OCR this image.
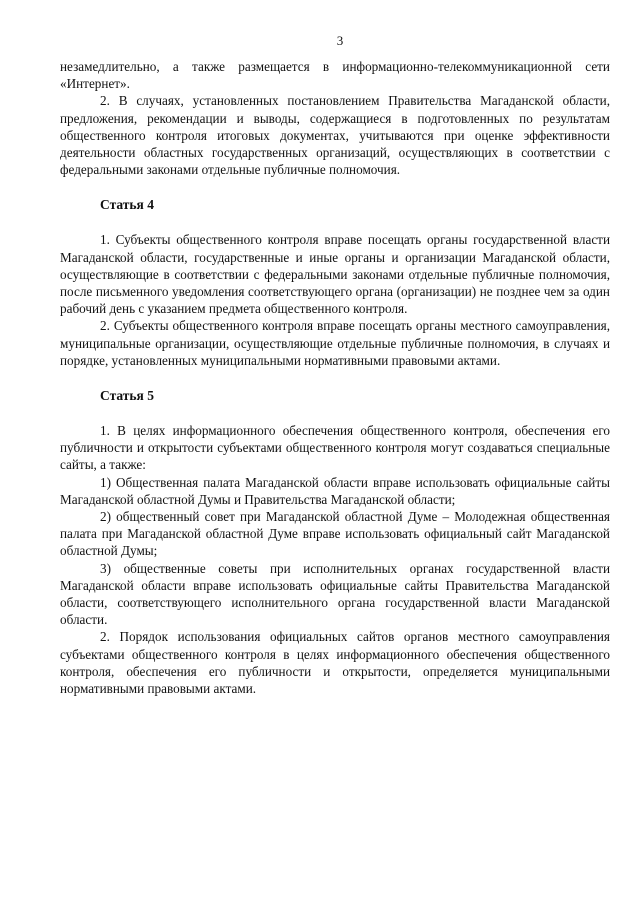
3

незамедлительно, а также размещается в информационно-телекоммуникационной сети «Интернет».

2. В случаях, установленных постановлением Правительства Магаданской области, предложения, рекомендации и выводы, содержащиеся в подготовленных по результатам общественного контроля итоговых документах, учитываются при оценке эффективности деятельности областных государственных организаций, осуществляющих в соответствии с федеральными законами отдельные публичные полномочия.

Статья 4

1. Субъекты общественного контроля вправе посещать органы государственной власти Магаданской области, государственные и иные органы и организации Магаданской области, осуществляющие в соответствии с федеральными законами отдельные публичные полномочия, после письменного уведомления соответствующего органа (организации) не позднее чем за один рабочий день с указанием предмета общественного контроля.

2. Субъекты общественного контроля вправе посещать органы местного самоуправления, муниципальные организации, осуществляющие отдельные публичные полномочия, в случаях и порядке, установленных муниципальными нормативными правовыми актами.

Статья 5

1. В целях информационного обеспечения общественного контроля, обеспечения его публичности и открытости субъектами общественного контроля могут создаваться специальные сайты, а также:

1) Общественная палата Магаданской области вправе использовать официальные сайты Магаданской областной Думы и Правительства Магаданской области;

2) общественный совет при Магаданской областной Думе – Молодежная общественная палата при Магаданской областной Думе вправе использовать официальный сайт Магаданской областной Думы;

3) общественные советы при исполнительных органах государственной власти Магаданской области вправе использовать официальные сайты Правительства Магаданской области, соответствующего исполнительного органа государственной власти Магаданской области.

2. Порядок использования официальных сайтов органов местного самоуправления субъектами общественного контроля в целях информационного обеспечения общественного контроля, обеспечения его публичности и открытости, определяется муниципальными нормативными правовыми актами.
